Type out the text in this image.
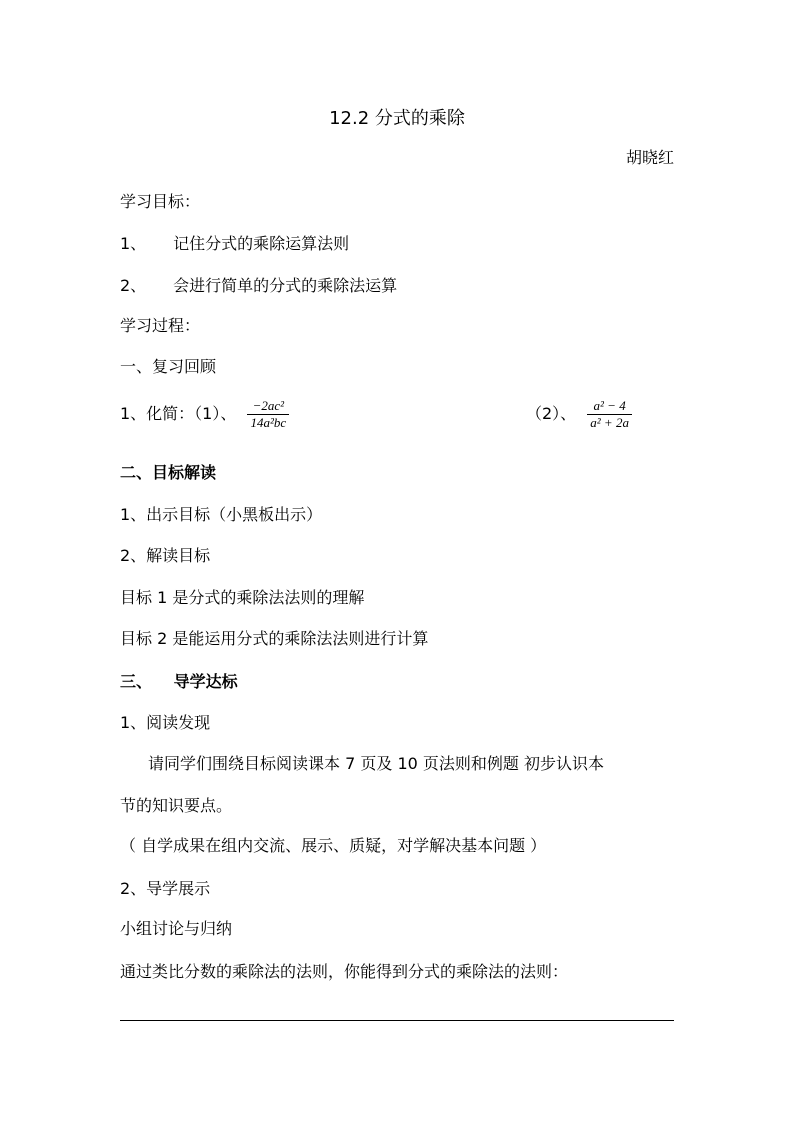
12.2 分式的乘除
胡晓红
学习目标：
1、 记住分式的乘除运算法则
2、 会进行简单的分式的乘除法运算
学习过程：
一、复习回顾
1、化简：（1）、 $\frac{\text{−2ac²}}{\text{14a²bc}}$	（2）、 $\frac{\text{a² − 4}}{\text{a² + 2a}}$
二、目标解读
1、出示目标（小黑板出示）
2、解读目标
目标 1 是分式的乘除法法则的理解
目标 2 是能运用分式的乘除法法则进行计算
三、 导学达标
1、阅读发现
请同学们围绕目标阅读课本 7 页及 10 页法则和例题 初步认识本
节的知识要点。
（ 自学成果在组内交流、展示、质疑，对学解决基本问题 ）
2、导学展示
小组讨论与归纳
通过类比分数的乘除法的法则，你能得到分式的乘除法的法则：
